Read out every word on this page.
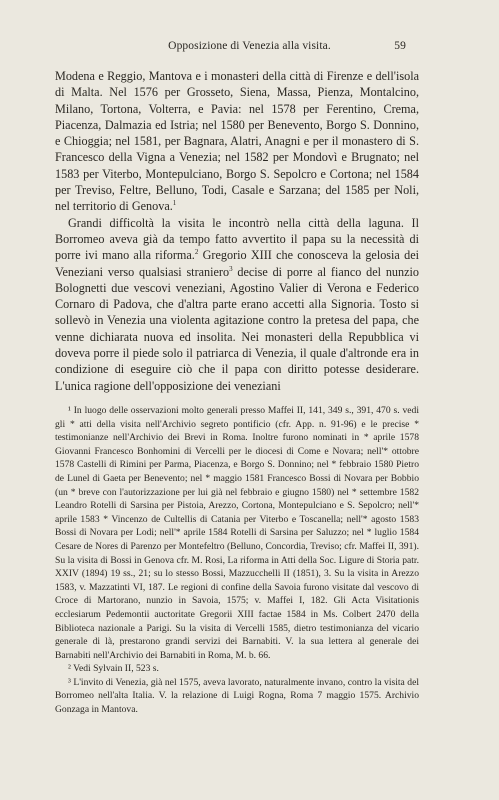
Opposizione di Venezia alla visita.	59

Modena e Reggio, Mantova e i monasteri della città di Firenze e dell'isola di Malta. Nel 1576 per Grosseto, Siena, Massa, Pienza, Montalcino, Milano, Tortona, Volterra, e Pavia: nel 1578 per Ferentino, Crema, Piacenza, Dalmazia ed Istria; nel 1580 per Benevento, Borgo S. Donnino, e Chioggia; nel 1581, per Bagnara, Alatri, Anagni e per il monastero di S. Francesco della Vigna a Venezia; nel 1582 per Mondovì e Brugnato; nel 1583 per Viterbo, Montepulciano, Borgo S. Sepolcro e Cortona; nel 1584 per Treviso, Feltre, Belluno, Todi, Casale e Sarzana; del 1585 per Noli, nel territorio di Genova.$^1$

Grandi difficoltà la visita le incontrò nella città della laguna. Il Borromeo aveva già da tempo fatto avvertito il papa su la necessità di porre ivi mano alla riforma.$^2$ Gregorio XIII che conosceva la gelosia dei Veneziani verso qualsiasi straniero$^3$ decise di porre al fianco del nunzio Bolognetti due vescovi veneziani, Agostino Valier di Verona e Federico Cornaro di Padova, che d'altra parte erano accetti alla Signoria. Tosto si sollevò in Venezia una violenta agitazione contro la pretesa del papa, che venne dichiarata nuova ed insolita. Nei monasteri della Repubblica vi doveva porre il piede solo il patriarca di Venezia, il quale d'altronde era in condizione di eseguire ciò che il papa con diritto potesse desiderare. L'unica ragione dell'opposizione dei veneziani

¹ In luogo delle osservazioni molto generali presso Maffei II, 141, 349 s., 391, 470 s. vedi gli * atti della visita nell'Archivio segreto pontificio (cfr. App. n. 91-96) e le precise * testimonianze nell'Archivio dei Brevi in Roma. Inoltre furono nominati in * aprile 1578 Giovanni Francesco Bonhomini di Vercelli per le diocesi di Come e Novara; nell'* ottobre 1578 Castelli di Rimini per Parma, Piacenza, e Borgo S. Donnino; nel * febbraio 1580 Pietro de Lunel di Gaeta per Benevento; nel * maggio 1581 Francesco Bossi di Novara per Bobbio (un * breve con l'autorizzazione per lui già nel febbraio e giugno 1580) nel * settembre 1582 Leandro Rotelli di Sarsina per Pistoia, Arezzo, Cortona, Montepulciano e S. Sepolcro; nell'* aprile 1583 * Vincenzo de Cultellis di Catania per Viterbo e Toscanella; nell'* agosto 1583 Bossi di Novara per Lodi; nell'* aprile 1584 Rotelli di Sarsina per Saluzzo; nel * luglio 1584 Cesare de Nores di Parenzo per Montefeltro (Belluno, Concordia, Treviso; cfr. Maffei II, 391). Su la visita di Bossi in Genova cfr. M. Rosi, La riforma in Atti della Soc. Ligure di Storia patr. XXIV (1894) 19 ss., 21; su lo stesso Bossi, Mazzucchelli II (1851), 3. Su la visita in Arezzo 1583, v. Mazzatinti VI, 187. Le regioni di confine della Savoia furono visitate dal vescovo di Croce di Martorano, nunzio in Savoia, 1575; v. Maffei I, 182. Gli Acta Visitationis ecclesiarum Pedemontii auctoritate Gregorii XIII factae 1584 in Ms. Colbert 2470 della Biblioteca nazionale a Parigi. Su la visita di Vercelli 1585, dietro testimonianza del vicario generale di là, prestarono grandi servizi dei Barnabiti. V. la sua lettera al generale dei Barnabiti nell'Archivio dei Barnabiti in Roma, M. b. 66.

² Vedi Sylvain II, 523 s.

³ L'invito di Venezia, già nel 1575, aveva lavorato, naturalmente invano, contro la visita del Borromeo nell'alta Italia. V. la relazione di Luigi Rogna, Roma 7 maggio 1575. Archivio Gonzaga in Mantova.
